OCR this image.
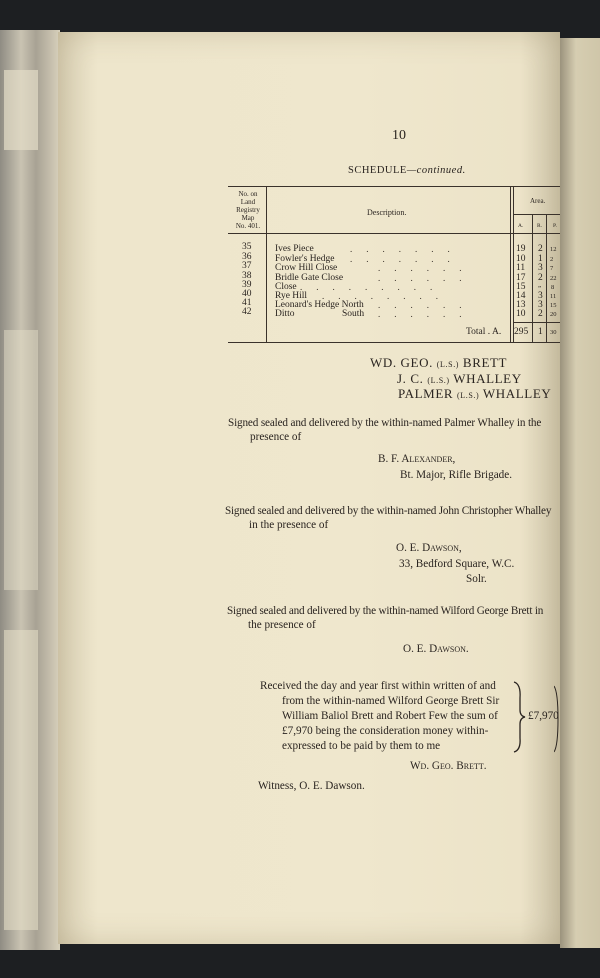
10
SCHEDULE—continued.
No. on
Land
Registry
Map
No. 401.
Description.
Area.
A. R. P.
35 Ives Piece	.......	19 2 12
36 Fowler's Hedge .......	10 1 2
37 Crow Hill Close	......	11 3 7
38 Bridle Gate Close	......	17 2 22
39 Close .........	15 „ 8
40 Rye Hill ........	14 3 11
41 Leonard's Hedge North ......	13 3 15
42 Ditto	South ......	10 2 20
Total . A. 295 1 30
WD. GEO. (L.S.) BRETT
J. C. (L.S.) WHALLEY
PALMER (L.S.) WHALLEY
Signed sealed and delivered by the within-named Palmer Whalley in the
presence of
B. F. Alexander,
Bt. Major, Rifle Brigade.
Signed sealed and delivered by the within-named John Christopher Whalley
in the presence of
O. E. Dawson,
33, Bedford Square, W.C.
Solr.
Signed sealed and delivered by the within-named Wilford George Brett in
the presence of
O. E. Dawson.
Received the day and year first within written of and
from the within-named Wilford George Brett Sir
William Baliol Brett and Robert Few the sum of
£7,970 being the consideration money within-
expressed to be paid by them to me
£7,970
Wd. Geo. Brett.
Witness, O. E. Dawson.
